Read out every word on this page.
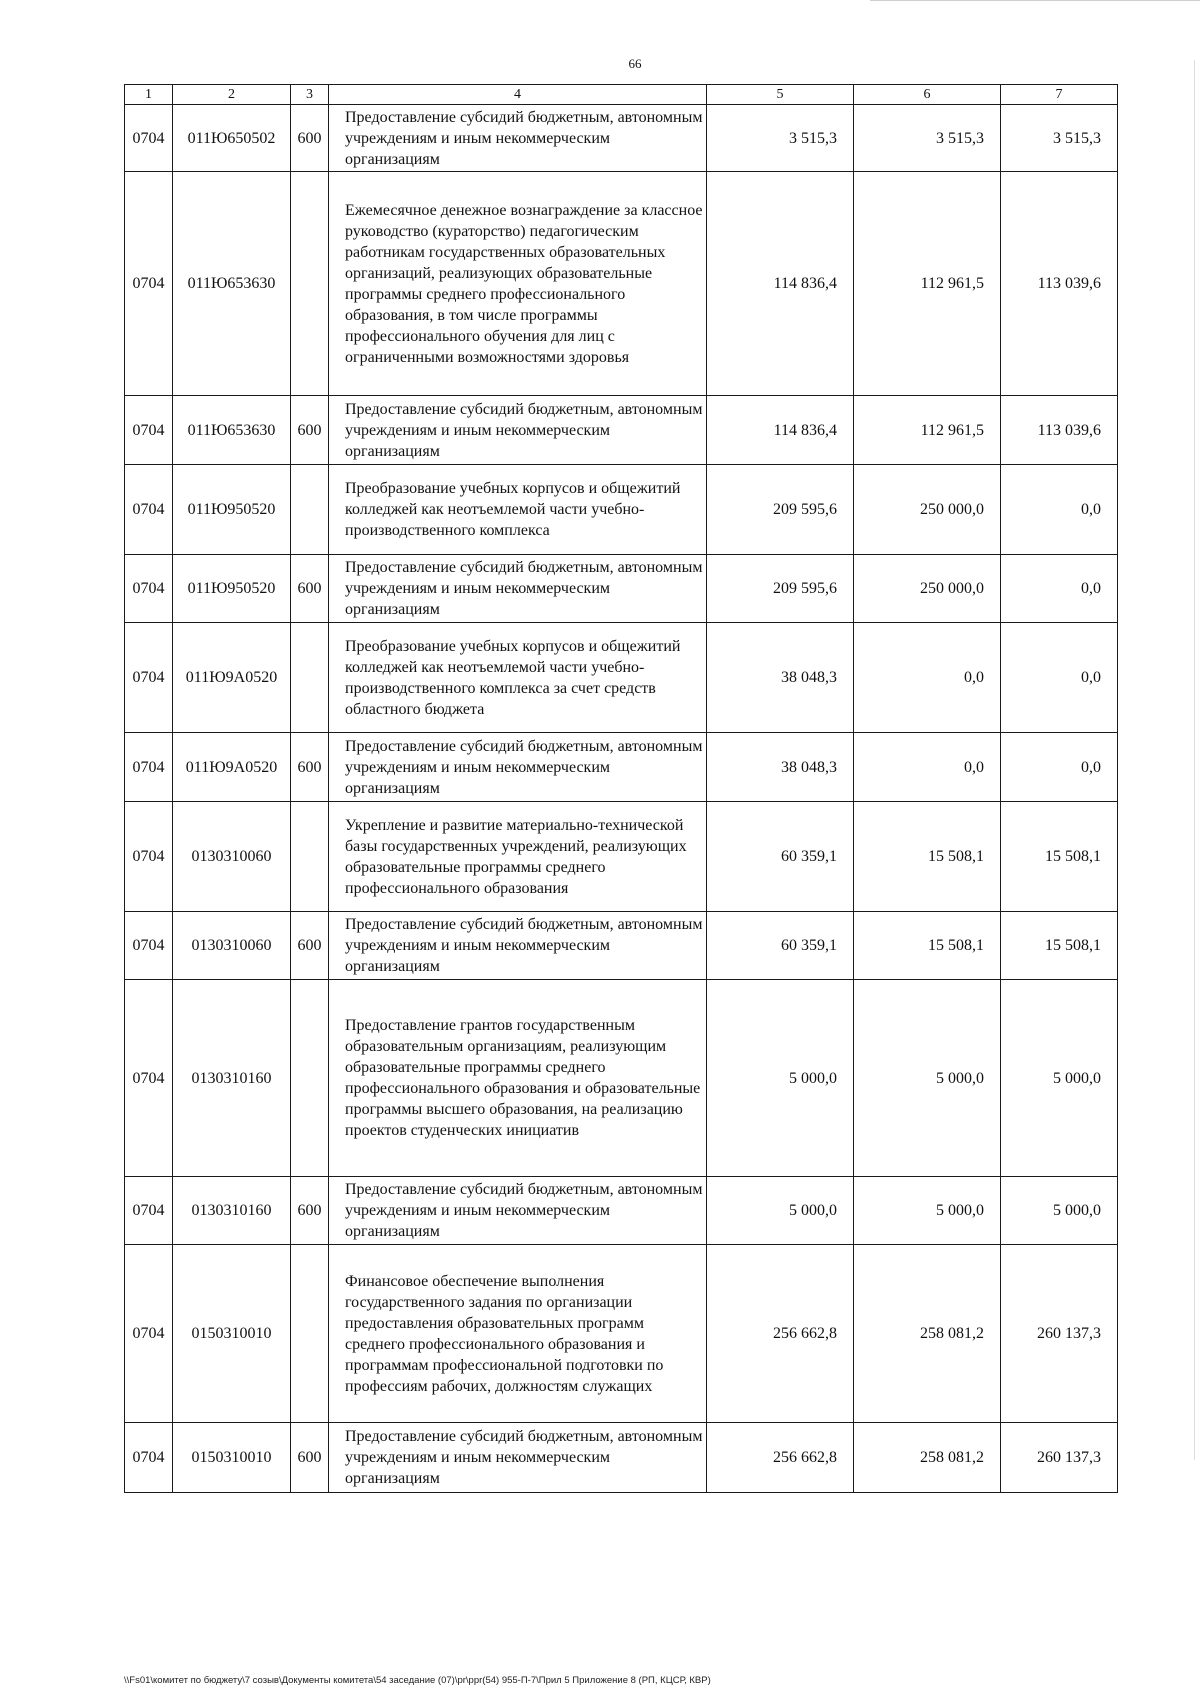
66
1	2	3	4	5	6	7
0704	011Ю650502	600	Предоставление субсидий бюджетным, автономным учреждениям и иным некоммерческим организациям	3 515,3	3 515,3	3 515,3
0704	011Ю653630		Ежемесячное денежное вознаграждение за классное руководство (кураторство) педагогическим работникам государственных образовательных организаций, реализующих образовательные программы среднего профессионального образования, в том числе программы профессионального обучения для лиц с ограниченными возможностями здоровья	114 836,4	112 961,5	113 039,6
0704	011Ю653630	600	Предоставление субсидий бюджетным, автономным учреждениям и иным некоммерческим организациям	114 836,4	112 961,5	113 039,6
0704	011Ю950520		Преобразование учебных корпусов и общежитий колледжей как неотъемлемой части учебно-производственного комплекса	209 595,6	250 000,0	0,0
0704	011Ю950520	600	Предоставление субсидий бюджетным, автономным учреждениям и иным некоммерческим организациям	209 595,6	250 000,0	0,0
0704	011Ю9А0520		Преобразование учебных корпусов и общежитий колледжей как неотъемлемой части учебно-производственного комплекса за счет средств областного бюджета	38 048,3	0,0	0,0
0704	011Ю9А0520	600	Предоставление субсидий бюджетным, автономным учреждениям и иным некоммерческим организациям	38 048,3	0,0	0,0
0704	0130310060		Укрепление и развитие материально-технической базы государственных учреждений, реализующих образовательные программы среднего профессионального образования	60 359,1	15 508,1	15 508,1
0704	0130310060	600	Предоставление субсидий бюджетным, автономным учреждениям и иным некоммерческим организациям	60 359,1	15 508,1	15 508,1
0704	0130310160		Предоставление грантов государственным образовательным организациям, реализующим образовательные программы среднего профессионального образования и образовательные программы высшего образования, на реализацию проектов студенческих инициатив	5 000,0	5 000,0	5 000,0
0704	0130310160	600	Предоставление субсидий бюджетным, автономным учреждениям и иным некоммерческим организациям	5 000,0	5 000,0	5 000,0
0704	0150310010		Финансовое обеспечение выполнения государственного задания по организации предоставления образовательных программ среднего профессионального образования и программам профессиональной подготовки по профессиям рабочих, должностям служащих	256 662,8	258 081,2	260 137,3
0704	0150310010	600	Предоставление субсидий бюджетным, автономным учреждениям и иным некоммерческим организациям	256 662,8	258 081,2	260 137,3
\\Fs01\комитет по бюджету\7 созыв\Документы комитета\54 заседание (07)\pr\ppr(54) 955-П-7\Прил 5 Приложение 8 (РП, КЦСР, КВР)
